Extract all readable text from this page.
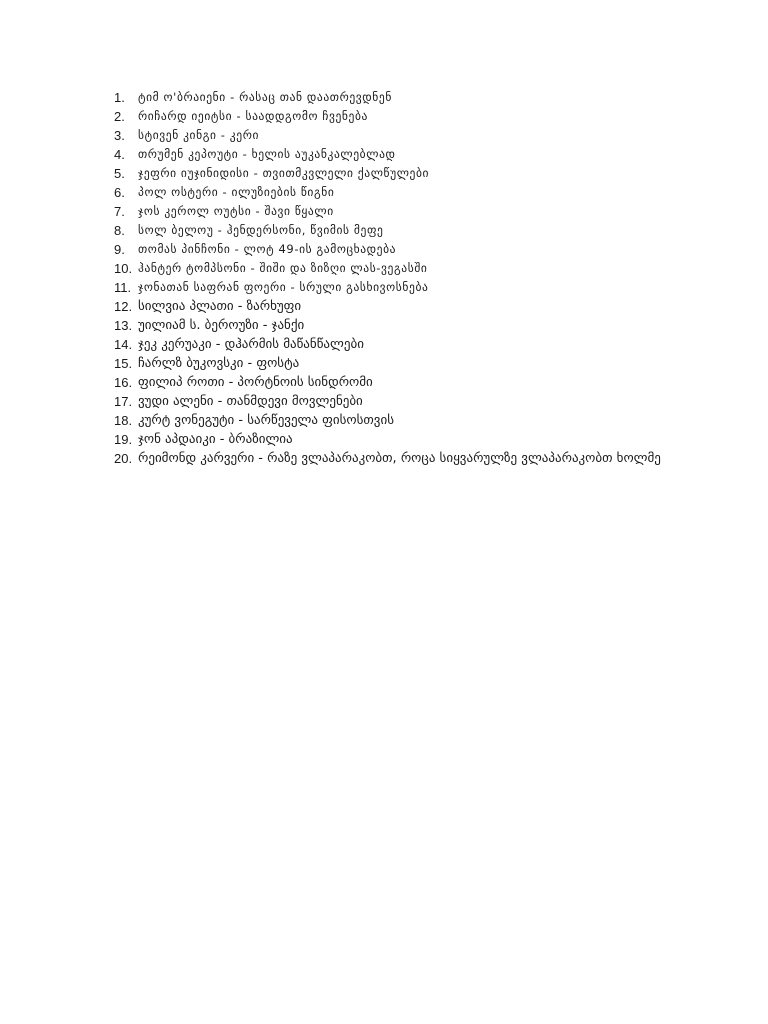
1.	ტიმ ო'ბრაიენი - რასაც თან დაათრევდნენ
2.	რიჩარდ იეიტსი - საადდგომო ჩვენება
3.	სტივენ კინგი - კერი
4.	თრუმენ კეპოუტი - ხელის აუკანკალებლად
5.	ჯეფრი იუჯინიდისი - თვითმკვლელი ქალწულები
6.	პოლ ოსტერი - ილუზიების წიგნი
7.	ჯოს კეროლ ოუტსი - შავი წყალი
8.	სოლ ბელოუ - ჰენდერსონი, წვიმის მეფე
9.	თომას პინჩონი - ლოტ 49-ის გამოცხადება
10. ჰანტერ ტომპსონი - შიში და ზიზღი ლას-ვეგასში
11. ჯონათან საფრან ფოერი - სრული გასხივოსნება
12. სილვია პლათი - ზარხუფი
13. უილიამ ს. ბეროუზი - ჯანქი
14. ჯეკ კერუაკი - დჰარმის მაწანწალები
15. ჩარლზ ბუკოვსკი - ფოსტა
16. ფილიპ როთი - პორტნოის სინდრომი
17. ვუდი ალენი - თანმდევი მოვლენები
18. კურტ ვონეგუტი - სარწეველა ფისოსთვის
19. ჯონ აპდაიკი - ბრაზილია
20. რეიმონდ კარვერი - რაზე ვლაპარაკობთ, როცა სიყვარულზე ვლაპარაკობთ ხოლმე
